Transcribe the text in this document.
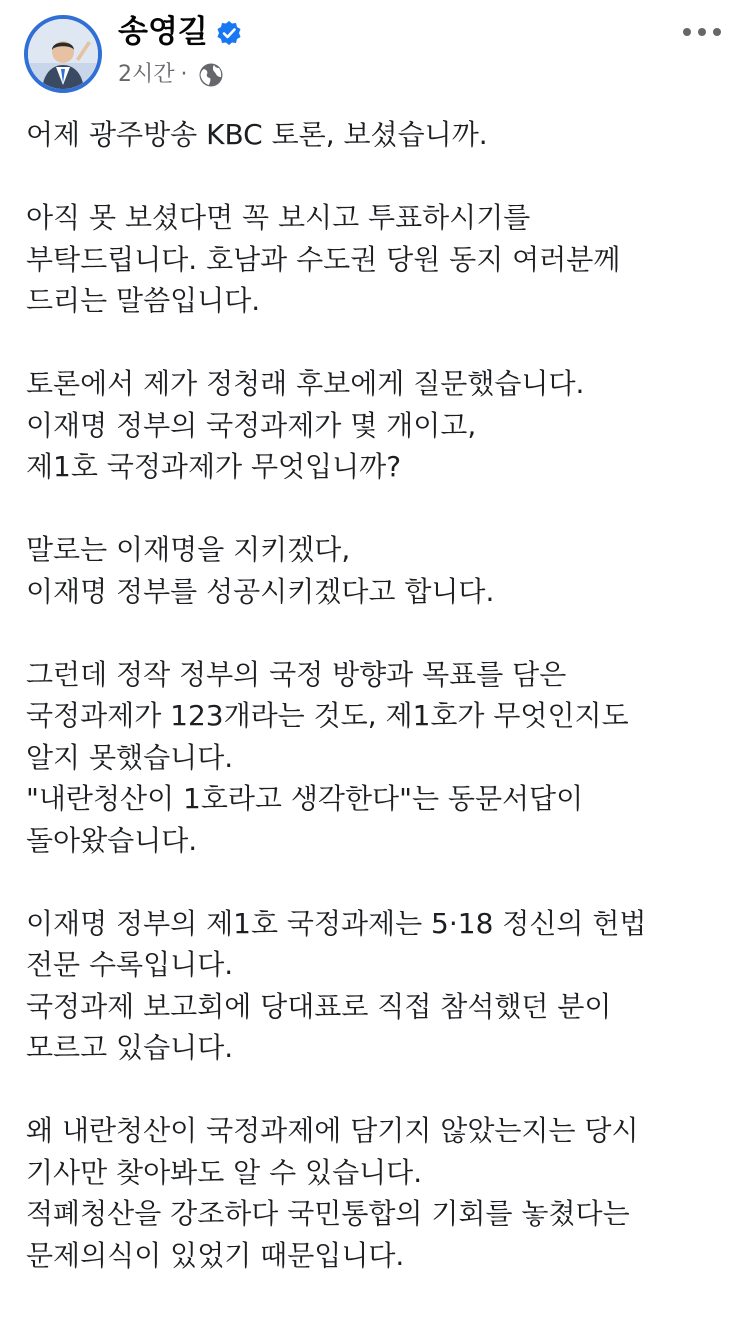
송영길
2시간 ·
어제 광주방송 KBC 토론, 보셨습니까.
아직 못 보셨다면 꼭 보시고 투표하시기를
부탁드립니다. 호남과 수도권 당원 동지 여러분께
드리는 말씀입니다.
토론에서 제가 정청래 후보에게 질문했습니다.
이재명 정부의 국정과제가 몇 개이고,
제1호 국정과제가 무엇입니까?
말로는 이재명을 지키겠다,
이재명 정부를 성공시키겠다고 합니다.
그런데 정작 정부의 국정 방향과 목표를 담은
국정과제가 123개라는 것도, 제1호가 무엇인지도
알지 못했습니다.
"내란청산이 1호라고 생각한다"는 동문서답이
돌아왔습니다.
이재명 정부의 제1호 국정과제는 5·18 정신의 헌법
전문 수록입니다.
국정과제 보고회에 당대표로 직접 참석했던 분이
모르고 있습니다.
왜 내란청산이 국정과제에 담기지 않았는지는 당시
기사만 찾아봐도 알 수 있습니다.
적폐청산을 강조하다 국민통합의 기회를 놓쳤다는
문제의식이 있었기 때문입니다.
